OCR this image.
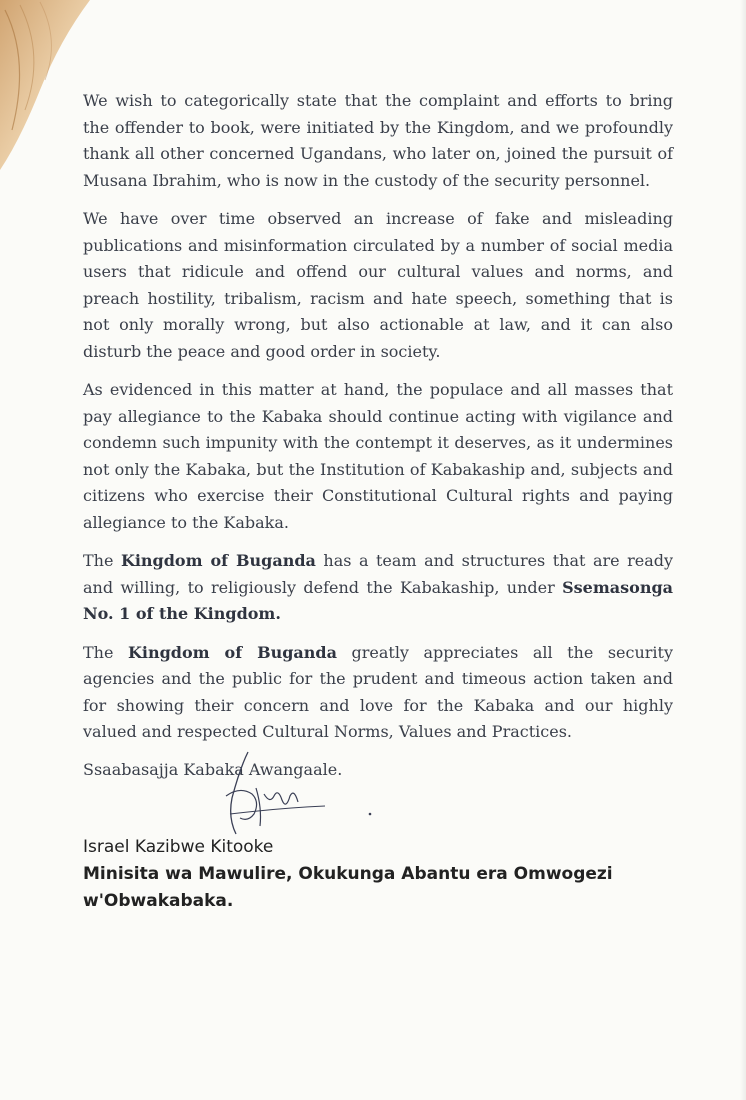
We wish to categorically state that the complaint and efforts to bring the offender to book, were initiated by the Kingdom, and we profoundly thank all other concerned Ugandans, who later on, joined the pursuit of Musana Ibrahim, who is now in the custody of the security personnel.

We have over time observed an increase of fake and misleading publications and misinformation circulated by a number of social media users that ridicule and offend our cultural values and norms, and preach hostility, tribalism, racism and hate speech, something that is not only morally wrong, but also actionable at law, and it can also disturb the peace and good order in society.

As evidenced in this matter at hand, the populace and all masses that pay allegiance to the Kabaka should continue acting with vigilance and condemn such impunity with the contempt it deserves, as it undermines not only the Kabaka, but the Institution of Kabakaship and, subjects and citizens who exercise their Constitutional Cultural rights and paying allegiance to the Kabaka.

The Kingdom of Buganda has a team and structures that are ready and willing, to religiously defend the Kabakaship, under Ssemasonga No. 1 of the Kingdom.

The Kingdom of Buganda greatly appreciates all the security agencies and the public for the prudent and timeous action taken and for showing their concern and love for the Kabaka and our highly valued and respected Cultural Norms, Values and Practices.

Ssaabasajja Kabaka Awangaale.
Israel Kazibwe Kitooke
Minisita wa Mawulire, Okukunga Abantu era Omwogezi
w'Obwakabaka.
